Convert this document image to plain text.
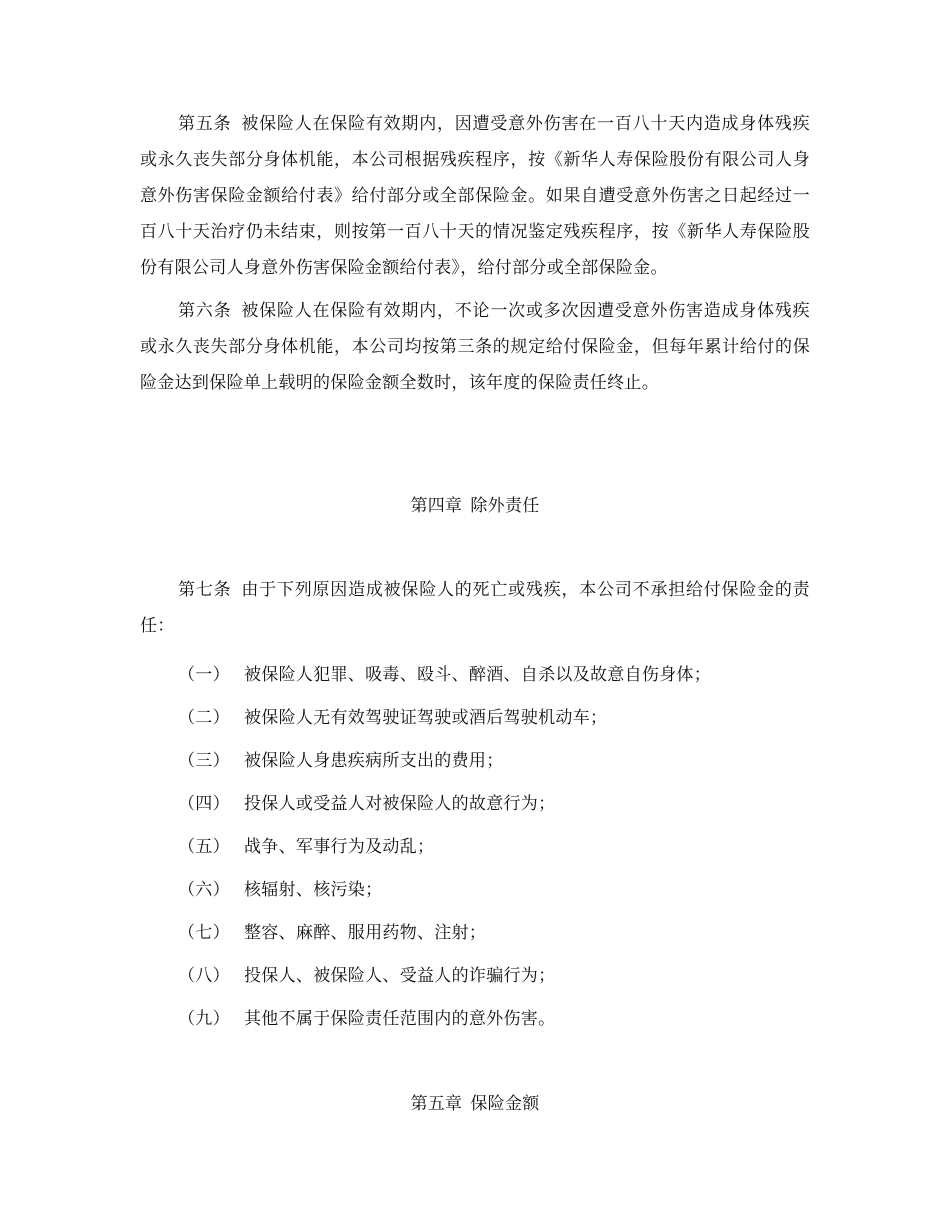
第五条 被保险人在保险有效期内，因遭受意外伤害在一百八十天内造成身体残疾或永久丧失部分身体机能，本公司根据残疾程序，按《新华人寿保险股份有限公司人身意外伤害保险金额给付表》给付部分或全部保险金。如果自遭受意外伤害之日起经过一百八十天治疗仍未结束，则按第一百八十天的情况鉴定残疾程序，按《新华人寿保险股份有限公司人身意外伤害保险金额给付表》，给付部分或全部保险金。

第六条 被保险人在保险有效期内，不论一次或多次因遭受意外伤害造成身体残疾或永久丧失部分身体机能，本公司均按第三条的规定给付保险金，但每年累计给付的保险金达到保险单上载明的保险金额全数时，该年度的保险责任终止。

第四章 除外责任

第七条 由于下列原因造成被保险人的死亡或残疾，本公司不承担给付保险金的责任：

（一） 被保险人犯罪、吸毒、殴斗、醉酒、自杀以及故意自伤身体；
（二） 被保险人无有效驾驶证驾驶或酒后驾驶机动车；
（三） 被保险人身患疾病所支出的费用；
（四） 投保人或受益人对被保险人的故意行为；
（五） 战争、军事行为及动乱；
（六） 核辐射、核污染；
（七） 整容、麻醉、服用药物、注射；
（八） 投保人、被保险人、受益人的诈骗行为；
（九） 其他不属于保险责任范围内的意外伤害。
第五章 保险金额
